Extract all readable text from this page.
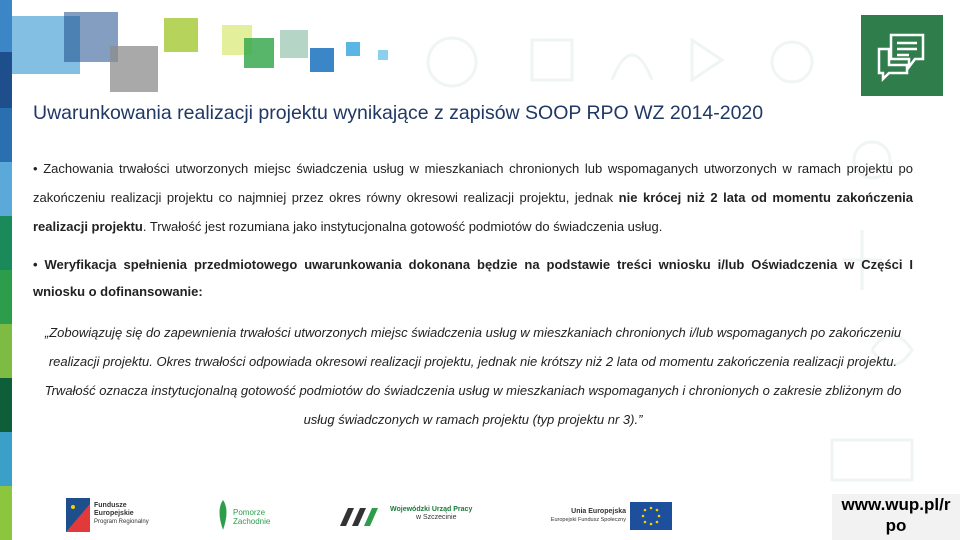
Uwarunkowania realizacji projektu wynikające z zapisów SOOP RPO WZ 2014-2020
• Zachowania trwałości utworzonych miejsc świadczenia usług w mieszkaniach chronionych lub wspomaganych utworzonych w ramach projektu po zakończeniu realizacji projektu co najmniej przez okres równy okresowi realizacji projektu, jednak nie krócej niż 2 lata od momentu zakończenia realizacji projektu. Trwałość jest rozumiana jako instytucjonalna gotowość podmiotów do świadczenia usług.
• Weryfikacja spełnienia przedmiotowego uwarunkowania dokonana będzie na podstawie treści wniosku i/lub Oświadczenia w Części I wniosku o dofinansowanie:
„Zobowiązuję się do zapewnienia trwałości utworzonych miejsc świadczenia usług w mieszkaniach chronionych i/lub wspomaganych po zakończeniu realizacji projektu. Okres trwałości odpowiada okresowi realizacji projektu, jednak nie krótszy niż 2 lata od momentu zakończenia realizacji projektu. Trwałość oznacza instytucjonalną gotowość podmiotów do świadczenia usług w mieszkaniach wspomaganych i chronionych o zakresie zbliżonym do usług świadczonych w ramach projektu (typ projektu nr 3).”
Fundusze
Europejskie
Program Regionalny
Pomorze
Zachodnie
Wojewódzki Urząd Pracy
w Szczecinie
Unia Europejska
Europejski Fundusz Społeczny
www.wup.pl/r po
